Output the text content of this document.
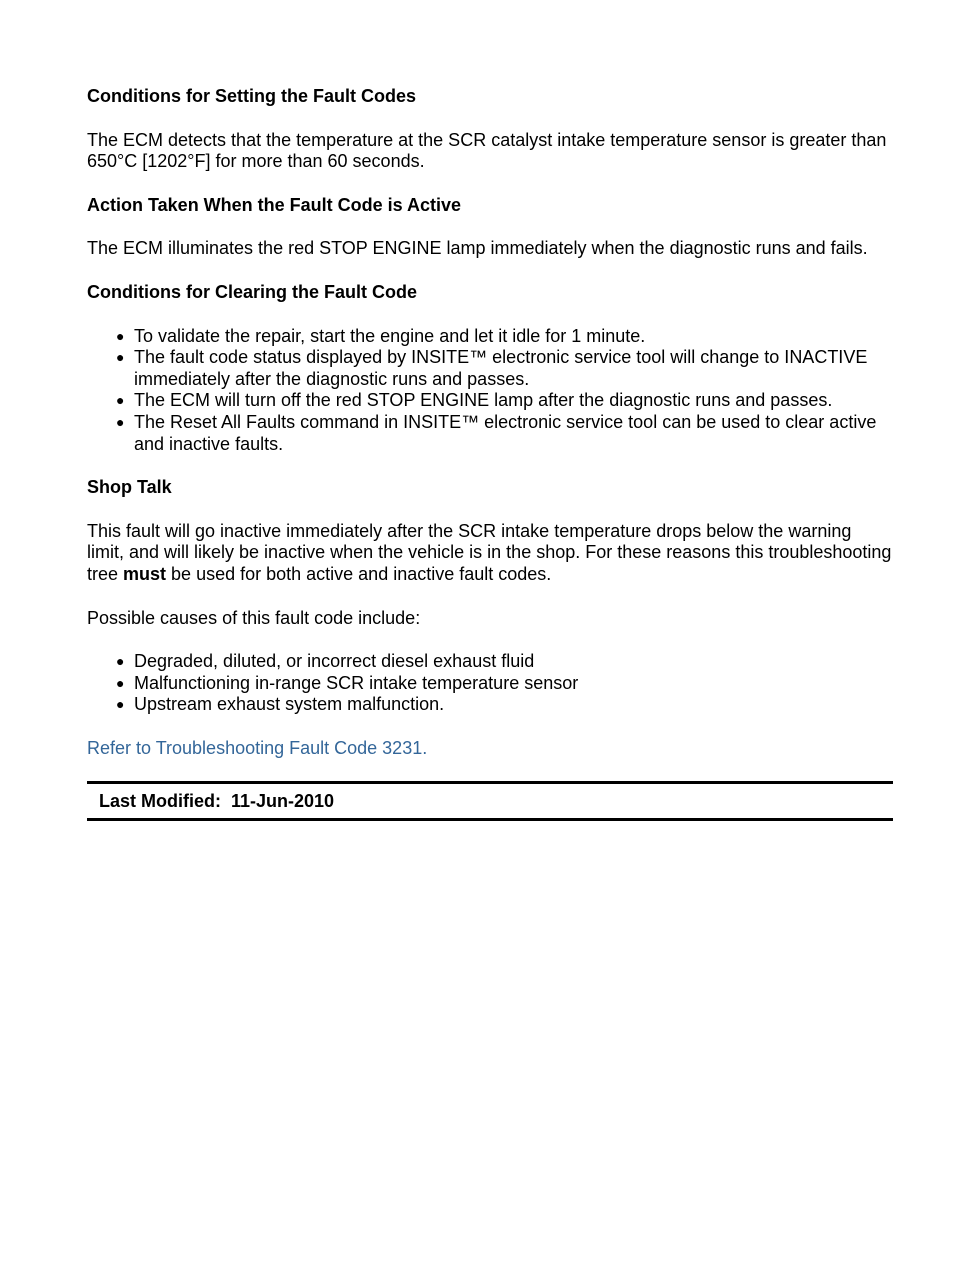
Conditions for Setting the Fault Codes

The ECM detects that the temperature at the SCR catalyst intake temperature sensor is greater than 650°C [1202°F] for more than 60 seconds.

Action Taken When the Fault Code is Active

The ECM illuminates the red STOP ENGINE lamp immediately when the diagnostic runs and fails.

Conditions for Clearing the Fault Code
● To validate the repair, start the engine and let it idle for 1 minute.
● The fault code status displayed by INSITE™ electronic service tool will change to INACTIVE immediately after the diagnostic runs and passes.
● The ECM will turn off the red STOP ENGINE lamp after the diagnostic runs and passes.
● The Reset All Faults command in INSITE™ electronic service tool can be used to clear active and inactive faults.
Shop Talk

This fault will go inactive immediately after the SCR intake temperature drops below the warning limit, and will likely be inactive when the vehicle is in the shop. For these reasons this troubleshooting tree must be used for both active and inactive fault codes.

Possible causes of this fault code include:

● Degraded, diluted, or incorrect diesel exhaust fluid
● Malfunctioning in-range SCR intake temperature sensor
● Upstream exhaust system malfunction.
Refer to Troubleshooting Fault Code 3231.
Last Modified: 11-Jun-2010
